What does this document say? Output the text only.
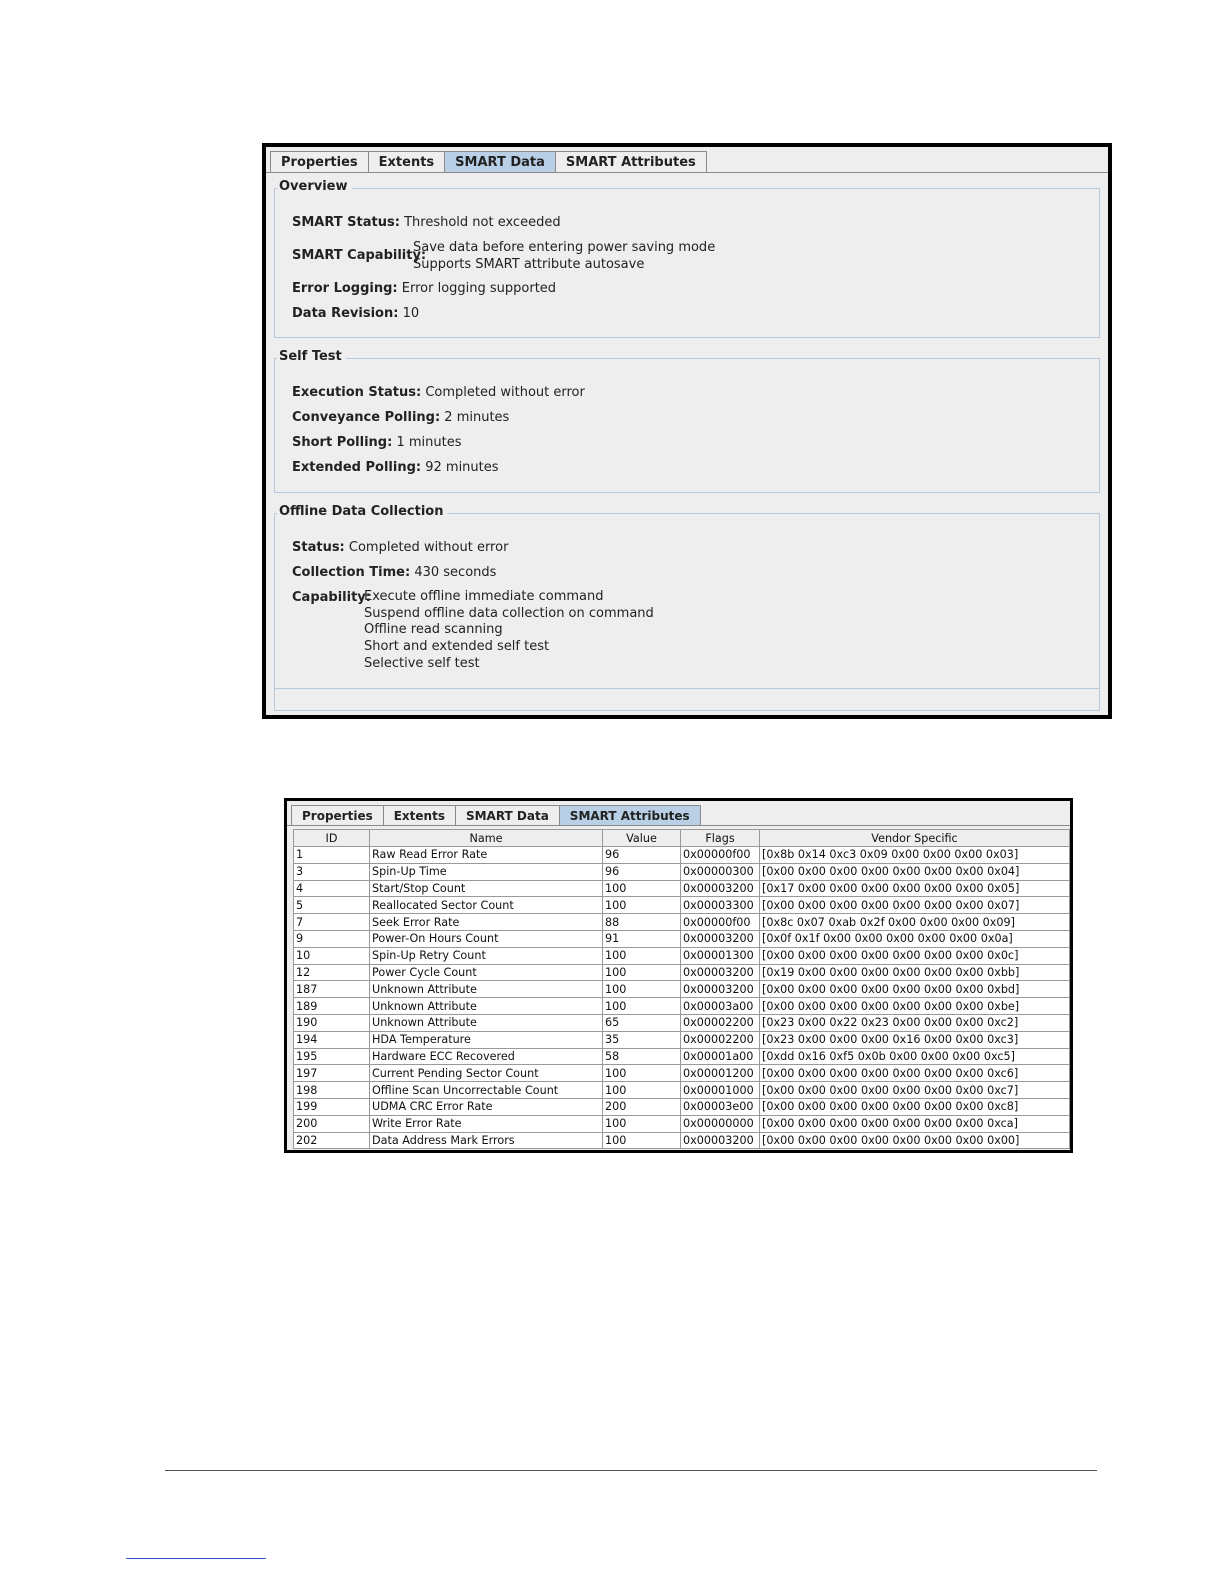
Properties	Extents	SMART Data	SMART Attributes
Overview
SMART Status: Threshold not exceeded
SMART Capability:
Save data before entering power saving mode
Supports SMART attribute autosave
Error Logging: Error logging supported
Data Revision: 10
Self Test
Execution Status: Completed without error
Conveyance Polling: 2 minutes
Short Polling: 1 minutes
Extended Polling: 92 minutes
Offline Data Collection
Status: Completed without error
Collection Time: 430 seconds
Capability:
Execute offline immediate command
Suspend offline data collection on command
Offline read scanning
Short and extended self test
Selective self test
Properties	Extents	SMART Data	SMART Attributes
ID	Name	Value	Flags	Vendor Specific
1	Raw Read Error Rate	96	0x00000f00	[0x8b 0x14 0xc3 0x09 0x00 0x00 0x00 0x03]
3	Spin-Up Time	96	0x00000300	[0x00 0x00 0x00 0x00 0x00 0x00 0x00 0x04]
4	Start/Stop Count	100	0x00003200	[0x17 0x00 0x00 0x00 0x00 0x00 0x00 0x05]
5	Reallocated Sector Count	100	0x00003300	[0x00 0x00 0x00 0x00 0x00 0x00 0x00 0x07]
7	Seek Error Rate	88	0x00000f00	[0x8c 0x07 0xab 0x2f 0x00 0x00 0x00 0x09]
9	Power-On Hours Count	91	0x00003200	[0x0f 0x1f 0x00 0x00 0x00 0x00 0x00 0x0a]
10	Spin-Up Retry Count	100	0x00001300	[0x00 0x00 0x00 0x00 0x00 0x00 0x00 0x0c]
12	Power Cycle Count	100	0x00003200	[0x19 0x00 0x00 0x00 0x00 0x00 0x00 0xbb]
187	Unknown Attribute	100	0x00003200	[0x00 0x00 0x00 0x00 0x00 0x00 0x00 0xbd]
189	Unknown Attribute	100	0x00003a00	[0x00 0x00 0x00 0x00 0x00 0x00 0x00 0xbe]
190	Unknown Attribute	65	0x00002200	[0x23 0x00 0x22 0x23 0x00 0x00 0x00 0xc2]
194	HDA Temperature	35	0x00002200	[0x23 0x00 0x00 0x00 0x16 0x00 0x00 0xc3]
195	Hardware ECC Recovered	58	0x00001a00	[0xdd 0x16 0xf5 0x0b 0x00 0x00 0x00 0xc5]
197	Current Pending Sector Count	100	0x00001200	[0x00 0x00 0x00 0x00 0x00 0x00 0x00 0xc6]
198	Offline Scan Uncorrectable Count	100	0x00001000	[0x00 0x00 0x00 0x00 0x00 0x00 0x00 0xc7]
199	UDMA CRC Error Rate	200	0x00003e00	[0x00 0x00 0x00 0x00 0x00 0x00 0x00 0xc8]
200	Write Error Rate	100	0x00000000	[0x00 0x00 0x00 0x00 0x00 0x00 0x00 0xca]
202	Data Address Mark Errors	100	0x00003200	[0x00 0x00 0x00 0x00 0x00 0x00 0x00 0x00]
